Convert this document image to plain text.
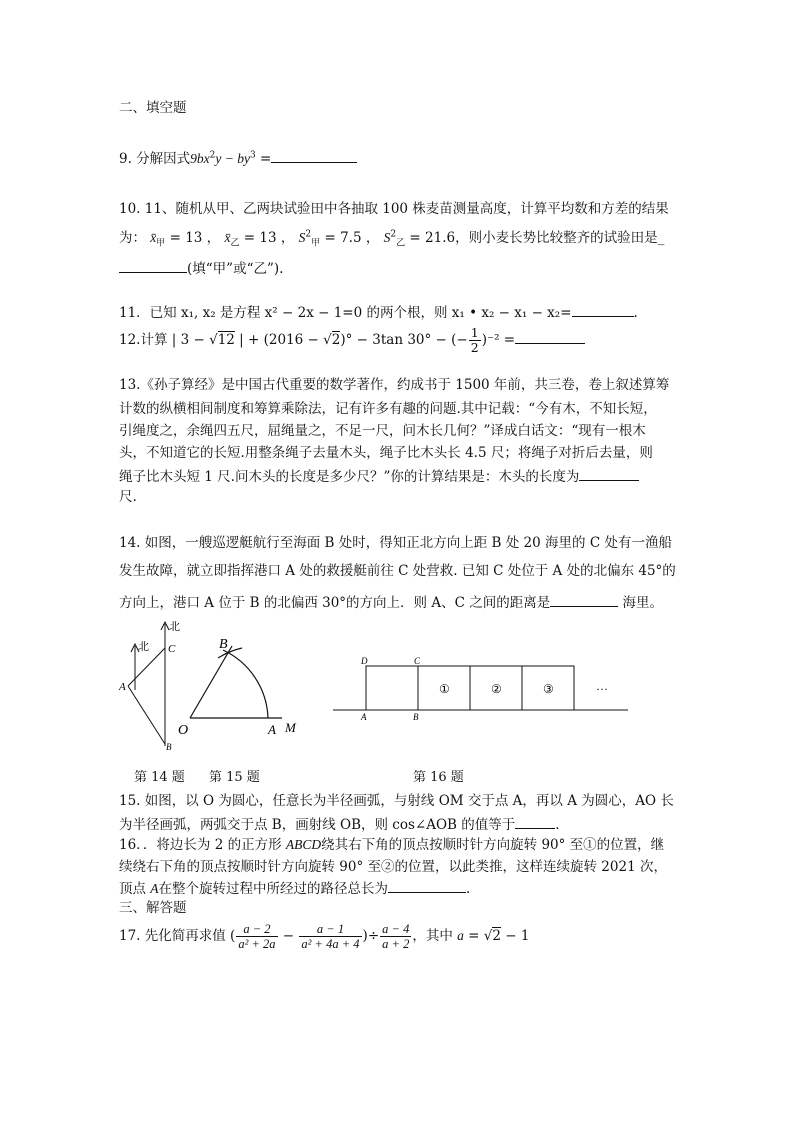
二、填空题
9. 分解因式$9bx^2y - by^3$ =
10. 11、随机从甲、乙两块试验田中各抽取 100 株麦苗测量高度，计算平均数和方差的结果
为： $x̄_甲 = 13$ ， $x̄_乙 = 13$ ， $S^2_甲 = 7.5$ ， $S^2_乙 = 21.6$，则小麦长势比较整齐的试验田是_
(填“甲”或“乙”).
11．已知 x₁, x₂ 是方程 x² − 2x − 1=0 的两个根，则 x₁ • x₂ − x₁ − x₂=	.
12.计算 | 3 − √12 | + (2016 − √2)° − 3tan 30° − (− $\frac{1}{2} )^{-2}$ =
13.《孙子算经》是中国古代重要的数学著作，约成书于 1500 年前，共三卷，卷上叙述算筹
计数的纵横相间制度和筹算乘除法，记有许多有趣的问题.其中记载：“今有木，不知长短，
引绳度之，余绳四五尺，屈绳量之，不足一尺，问木长几何？”译成白话文：“现有一根木
头，不知道它的长短.用整条绳子去量木头，绳子比木头长 4.5 尺；将绳子对折后去量，则
绳子比木头短 1 尺.问木头的长度是多少尺？”你的计算结果是：木头的长度为
尺.
14. 如图，一艘巡逻艇航行至海面 B 处时，得知正北方向上距 B 处 20 海里的 C 处有一渔船
发生故障，就立即指挥港口 A 处的救援艇前往 C 处营救. 已知 C 处位于 A 处的北偏东 45°的
方向上，港口 A 位于 B 的北偏西 30°的方向上．则 A、C 之间的距离是	海里。
北
北
A
C
B
B
O	A M
D	C
A	B
①	②	③	…
第 14 题 第 15 题	第 16 题
15. 如图，以 O 为圆心，任意长为半径画弧，与射线 OM 交于点 A，再以 A 为圆心，AO 长
为半径画弧，两弧交于点 B，画射线 OB，则 cos∠AOB 的值等于	.
16．．将边长为 2 的正方形 ABCD绕其右下角的顶点按顺时针方向旋转 90° 至①的位置，继
续绕右下角的顶点按顺时针方向旋转 90° 至②的位置，以此类推，这样连续旋转 2021 次，
顶点 A在整个旋转过程中所经过的路径总长为	.
三、解答题
17. 先化简再求值 ( $\frac{a - 2}{\text{a² + 2a}} - \frac{a - 1}{\text{a² + 4a + 4}}$ )÷ $\frac{a - 4}{a + 2}$ ，其中 a = √2 − 1
